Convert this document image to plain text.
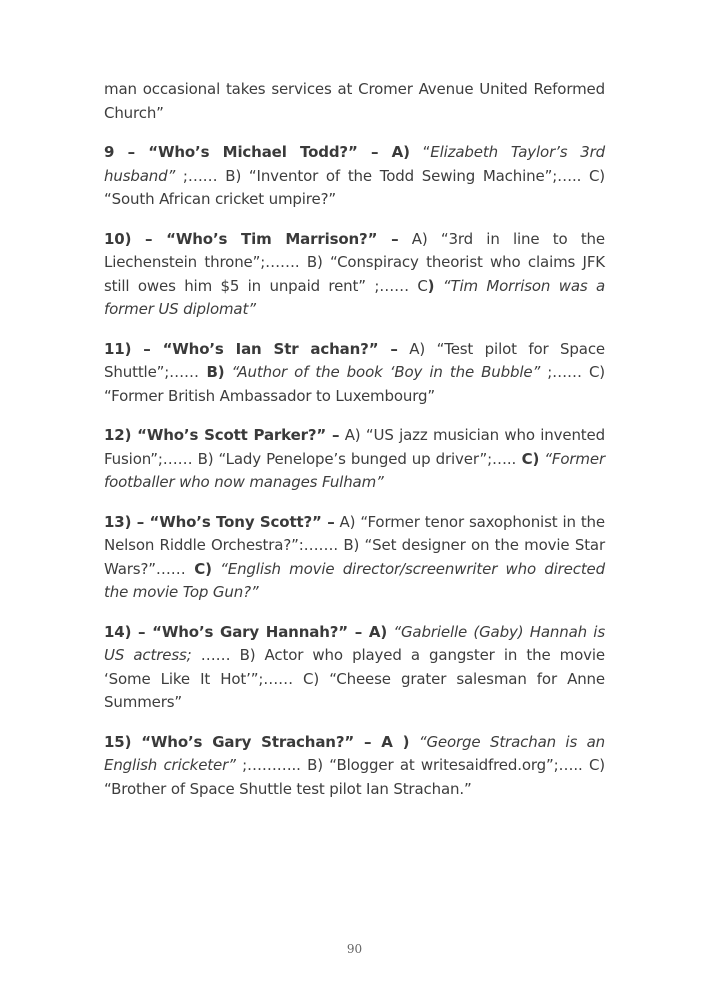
man occasional takes services at Cromer Avenue United Reformed Church”

9 – “Who’s Michael Todd?” – A) “Elizabeth Taylor’s 3rd husband” ;…… B) “Inventor of the Todd Sewing Machine”;….. C) “South African cricket umpire?”

10) – “Who’s Tim Marrison?” – A) “3rd in line to the Liechenstein throne”;……. B) “Conspiracy theorist who claims JFK still owes him $5 in unpaid rent” ;…… C) “Tim Morrison was a former US diplomat”

11) – “Who’s Ian Str achan?” – A) “Test pilot for Space Shuttle”;…… B) “Author of the book ‘Boy in the Bubble” ;…… C) “Former British Ambassador to Luxembourg”

12) “Who’s Scott Parker?” – A) “US jazz musician who invented Fusion”;…… B) “Lady Penelope’s bunged up driver”;….. C) “Former footballer who now manages Fulham”

13) – “Who’s Tony Scott?” – A) “Former tenor saxophonist in the Nelson Riddle Orchestra?”:……. B) “Set designer on the movie Star Wars?”…… C) “English movie director/screenwriter who directed the movie Top Gun?”

14) – “Who’s Gary Hannah?” – A) “Gabrielle (Gaby) Hannah is US actress; …… B) Actor who played a gangster in the movie ‘Some Like It Hot’”;…… C) “Cheese grater salesman for Anne Summers”

15) “Who’s Gary Strachan?” – A ) “George Strachan is an English cricketer” ;……….. B) “Blogger at writesaidfred.org”;….. C) “Brother of Space Shuttle test pilot Ian Strachan.”

90
